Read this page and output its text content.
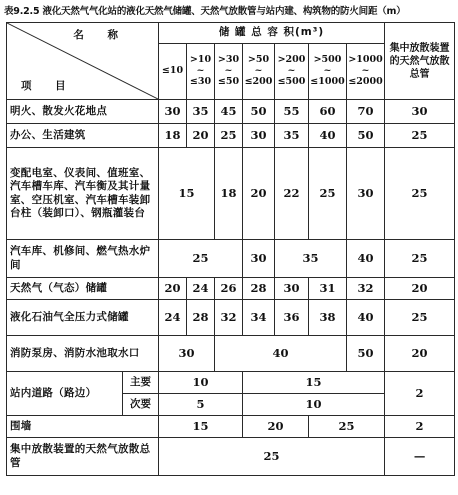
表9.2.5 液化天然气气化站的液化天然气储罐、天然气放散管与站内建、构筑物的防火间距（m）
名 称
项 目		储 罐 总 容 积(m³)							集中放散装置的天然气放散总管
		≤10	>10 ~ ≤30	>30 ~ ≤50	>50 ~ ≤200	>200 ~ ≤500	>500 ~ ≤1000	>1000 ~ ≤2000	
明火、散发火花地点		30	35	45	50	55	60	70	30
办公、生活建筑		18	20	25	30	35	40	50	25
变配电室、仪表间、值班室、汽车槽车库、汽车衡及其计量室、空压机室、汽车槽车装卸台柱（装卸口）、钢瓶灌装台		15		18	20	22	25	30	25
汽车库、机修间、燃气热水炉间		25			30	35		40	25
天然气（气态）储罐		20	24	26	28	30	31	32	20
液化石油气全压力式储罐		24	28	32	34	36	38	40	25
消防泵房、消防水池取水口		30		40				50	20
站内道路（路边）	主要	10			15				2
	次要	5			10				
围墙		15			20		25		2
集中放散装置的天然气放散总管		25							—
